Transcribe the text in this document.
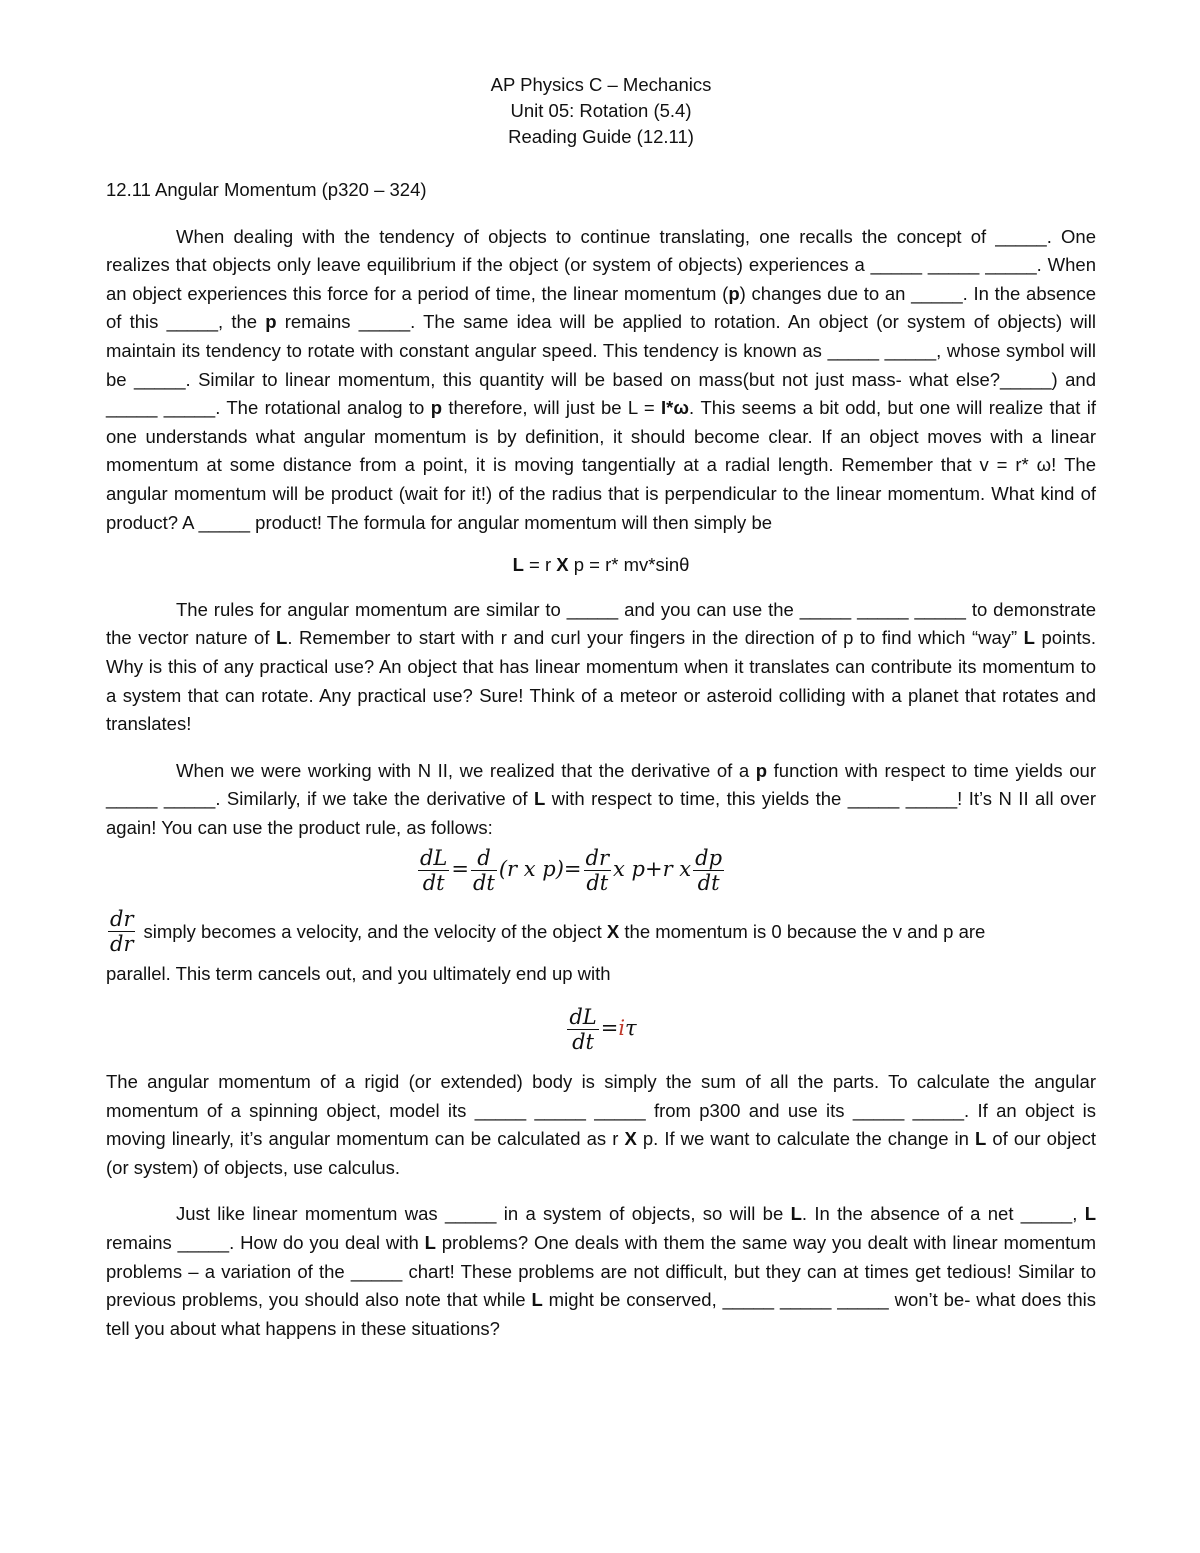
AP Physics C – Mechanics
Unit 05: Rotation (5.4)
Reading Guide (12.11)
12.11 Angular Momentum (p320 – 324)

When dealing with the tendency of objects to continue translating, one recalls the concept of _____. One realizes that objects only leave equilibrium if the object (or system of objects) experiences a _____ _____ _____. When an object experiences this force for a period of time, the linear momentum (p) changes due to an _____. In the absence of this _____, the p remains _____. The same idea will be applied to rotation. An object (or system of objects) will maintain its tendency to rotate with constant angular speed. This tendency is known as _____ _____, whose symbol will be _____. Similar to linear momentum, this quantity will be based on mass(but not just mass- what else?_____) and _____ _____. The rotational analog to p therefore, will just be L = I*ω. This seems a bit odd, but one will realize that if one understands what angular momentum is by definition, it should become clear. If an object moves with a linear momentum at some distance from a point, it is moving tangentially at a radial length. Remember that v = r* ω! The angular momentum will be product (wait for it!) of the radius that is perpendicular to the linear momentum. What kind of product? A _____ product! The formula for angular momentum will then simply be

L = r X p = r* mv*sinθ

The rules for angular momentum are similar to _____ and you can use the _____ _____ _____ to demonstrate the vector nature of L. Remember to start with r and curl your fingers in the direction of p to find which “way” L points. Why is this of any practical use? An object that has linear momentum when it translates can contribute its momentum to a system that can rotate. Any practical use? Sure! Think of a meteor or asteroid colliding with a planet that rotates and translates!

When we were working with N II, we realized that the derivative of a p function with respect to time yields our _____ _____. Similarly, if we take the derivative of L with respect to time, this yields the _____ _____! It’s N II all over again! You can use the product rule, as follows:

$\frac{dL}{dt} = \frac{d}{dt} (r$ x $p)= \frac{dr}{dt}$ x p+r x $\frac{dp}{dt}$
$\frac{dr}{dr}$ simply becomes a velocity, and the velocity of the object X the momentum is 0 because the v and p are

parallel. This term cancels out, and you ultimately end up with

$\frac{dL}{dt} =i\tau$

The angular momentum of a rigid (or extended) body is simply the sum of all the parts. To calculate the angular momentum of a spinning object, model its _____ _____ _____ from p300 and use its _____ _____. If an object is moving linearly, it’s angular momentum can be calculated as r X p. If we want to calculate the change in L of our object (or system) of objects, use calculus.

Just like linear momentum was _____ in a system of objects, so will be L. In the absence of a net _____, L remains _____. How do you deal with L problems? One deals with them the same way you dealt with linear momentum problems – a variation of the _____ chart! These problems are not difficult, but they can at times get tedious! Similar to previous problems, you should also note that while L might be conserved, _____ _____ _____ won’t be- what does this tell you about what happens in these situations?
